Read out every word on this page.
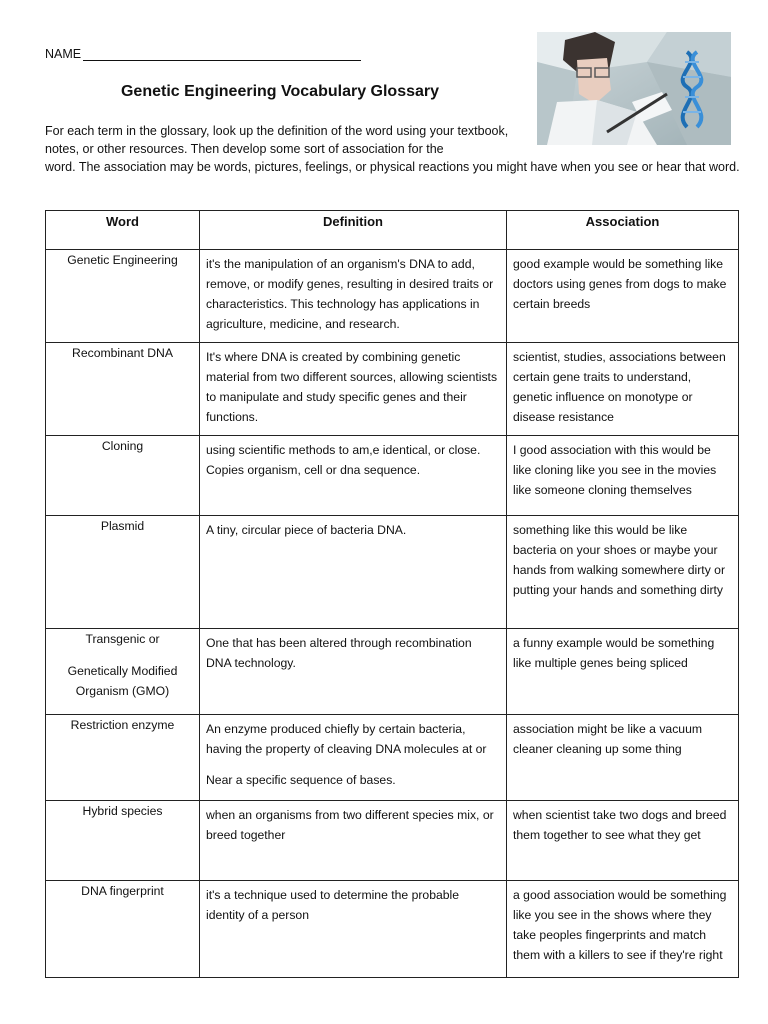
NAME
Genetic Engineering Vocabulary Glossary
For each term in the glossary, look up the definition of the word using your textbook, notes, or other resources. Then develop some sort of association for the
word. The association may be words, pictures, feelings, or physical reactions you might have when you see or hear that word.
Word	Definition	Association
Genetic Engineering	it's the manipulation of an organism's DNA to add, remove, or modify genes, resulting in desired traits or characteristics. This technology has applications in agriculture, medicine, and research.	good example would be something like doctors using genes from dogs to make certain breeds
Recombinant DNA	It's where DNA is created by combining genetic material from two different sources, allowing scientists to manipulate and study specific genes and their functions.	scientist, studies, associations between certain gene traits to understand, genetic influence on monotype or disease resistance
Cloning	using scientific methods to am,e identical, or close. Copies organism, cell or dna sequence.	I good association with this would be like cloning like you see in the movies like someone cloning themselves
Plasmid	A tiny, circular piece of bacteria DNA.	something like this would be like bacteria on your shoes or maybe your hands from walking somewhere dirty or putting your hands and something dirty
Transgenic or
Genetically Modified Organism (GMO)	One that has been altered through recombination DNA technology.	a funny example would be something like multiple genes being spliced
Restriction enzyme	An enzyme produced chiefly by certain bacteria, having the property of cleaving DNA molecules at or

Near a specific sequence of bases.	association might be like a vacuum cleaner cleaning up some thing
Hybrid species	when an organisms from two different species mix, or breed together	when scientist take two dogs and breed them together to see what they get
DNA fingerprint	it's a technique used to determine the probable identity of a person	a good association would be something like you see in the shows where they take peoples fingerprints and match them with a killers to see if they're right
